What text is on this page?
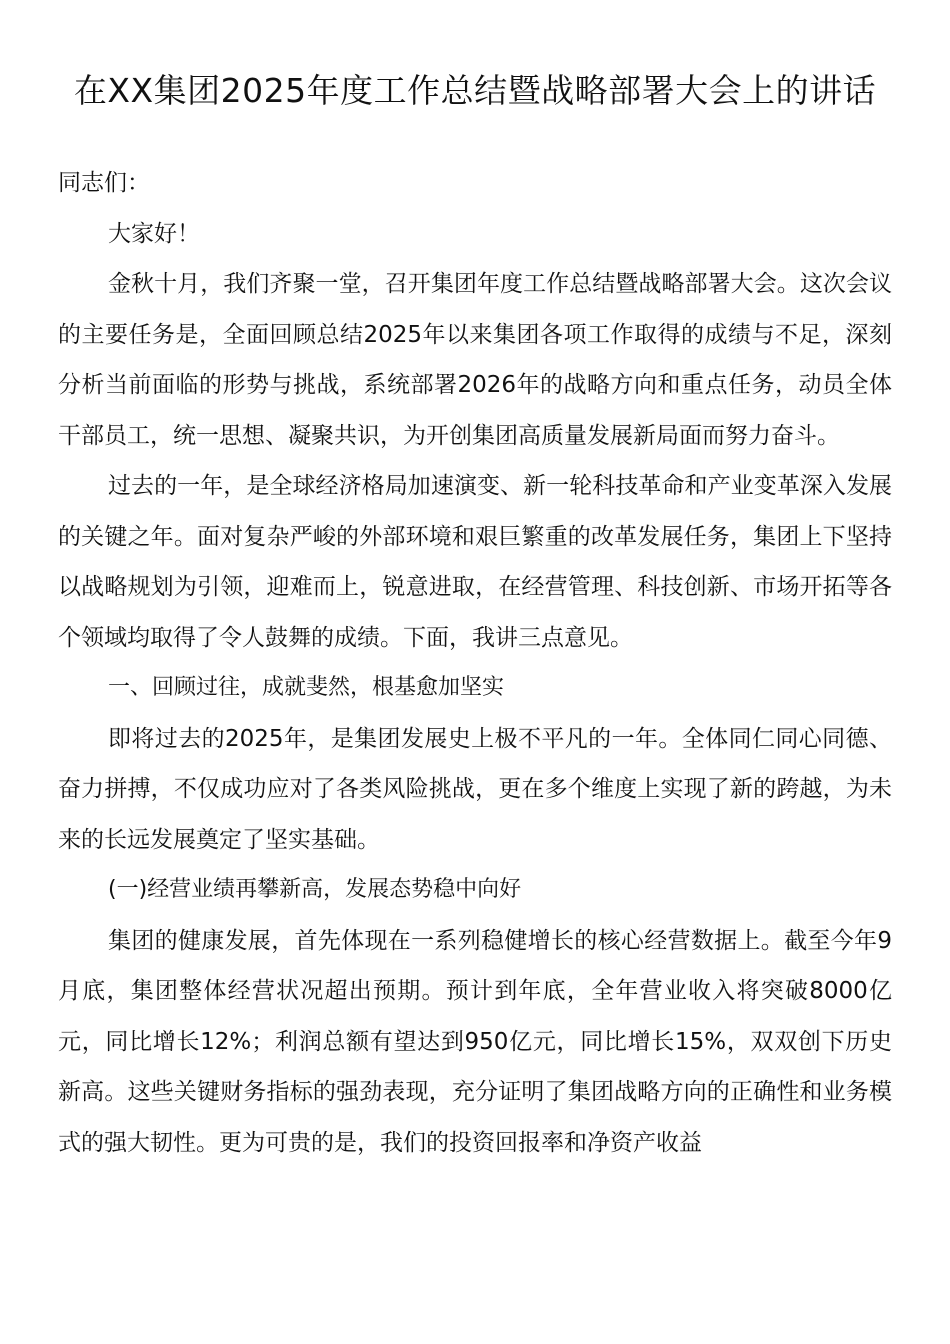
在XX集团2025年度工作总结暨战略部署大会上的讲话

同志们：

大家好！

金秋十月，我们齐聚一堂，召开集团年度工作总结暨战略部署大会。这次会议的主要任务是，全面回顾总结2025年以来集团各项工作取得的成绩与不足，深刻分析当前面临的形势与挑战，系统部署2026年的战略方向和重点任务，动员全体干部员工，统一思想、凝聚共识，为开创集团高质量发展新局面而努力奋斗。

过去的一年，是全球经济格局加速演变、新一轮科技革命和产业变革深入发展的关键之年。面对复杂严峻的外部环境和艰巨繁重的改革发展任务，集团上下坚持以战略规划为引领，迎难而上，锐意进取，在经营管理、科技创新、市场开拓等各个领域均取得了令人鼓舞的成绩。下面，我讲三点意见。

一、回顾过往，成就斐然，根基愈加坚实

即将过去的2025年，是集团发展史上极不平凡的一年。全体同仁同心同德、奋力拼搏，不仅成功应对了各类风险挑战，更在多个维度上实现了新的跨越，为未来的长远发展奠定了坚实基础。

(一)经营业绩再攀新高，发展态势稳中向好

集团的健康发展，首先体现在一系列稳健增长的核心经营数据上。截至今年9月底，集团整体经营状况超出预期。预计到年底，全年营业收入将突破8000亿元，同比增长12%；利润总额有望达到950亿元，同比增长15%，双双创下历史新高。这些关键财务指标的强劲表现，充分证明了集团战略方向的正确性和业务模式的强大韧性。更为可贵的是，我们的投资回报率和净资产收益
